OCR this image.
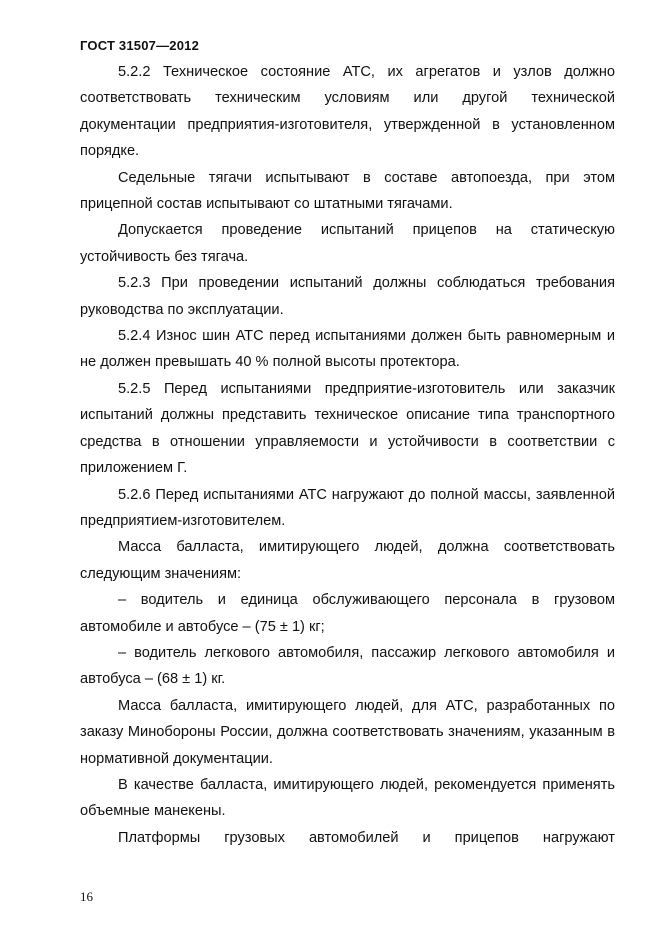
ГОСТ 31507—2012

5.2.2 Техническое состояние АТС, их агрегатов и узлов должно соответствовать техническим условиям или другой технической документации предприятия-изготовителя, утвержденной в установленном порядке.

Седельные тягачи испытывают в составе автопоезда, при этом прицепной состав испытывают со штатными тягачами.

Допускается проведение испытаний прицепов на статическую устойчивость без тягача.

5.2.3 При проведении испытаний должны соблюдаться требования руководства по эксплуатации.

5.2.4 Износ шин АТС перед испытаниями должен быть равномерным и не должен превышать 40 % полной высоты протектора.

5.2.5 Перед испытаниями предприятие-изготовитель или заказчик испытаний должны представить техническое описание типа транспортного средства в отношении управляемости и устойчивости в соответствии с приложением Г.

5.2.6 Перед испытаниями АТС нагружают до полной массы, заявленной предприятием-изготовителем.

Масса балласта, имитирующего людей, должна соответствовать следующим значениям:

– водитель и единица обслуживающего персонала в грузовом автомобиле и автобусе – (75 ± 1) кг;

– водитель легкового автомобиля, пассажир легкового автомобиля и автобуса – (68 ± 1) кг.

Масса балласта, имитирующего людей, для АТС, разработанных по заказу Минобороны России, должна соответствовать значениям, указанным в нормативной документации.

В качестве балласта, имитирующего людей, рекомендуется применять объемные манекены.

Платформы грузовых автомобилей и прицепов нагружают

16
